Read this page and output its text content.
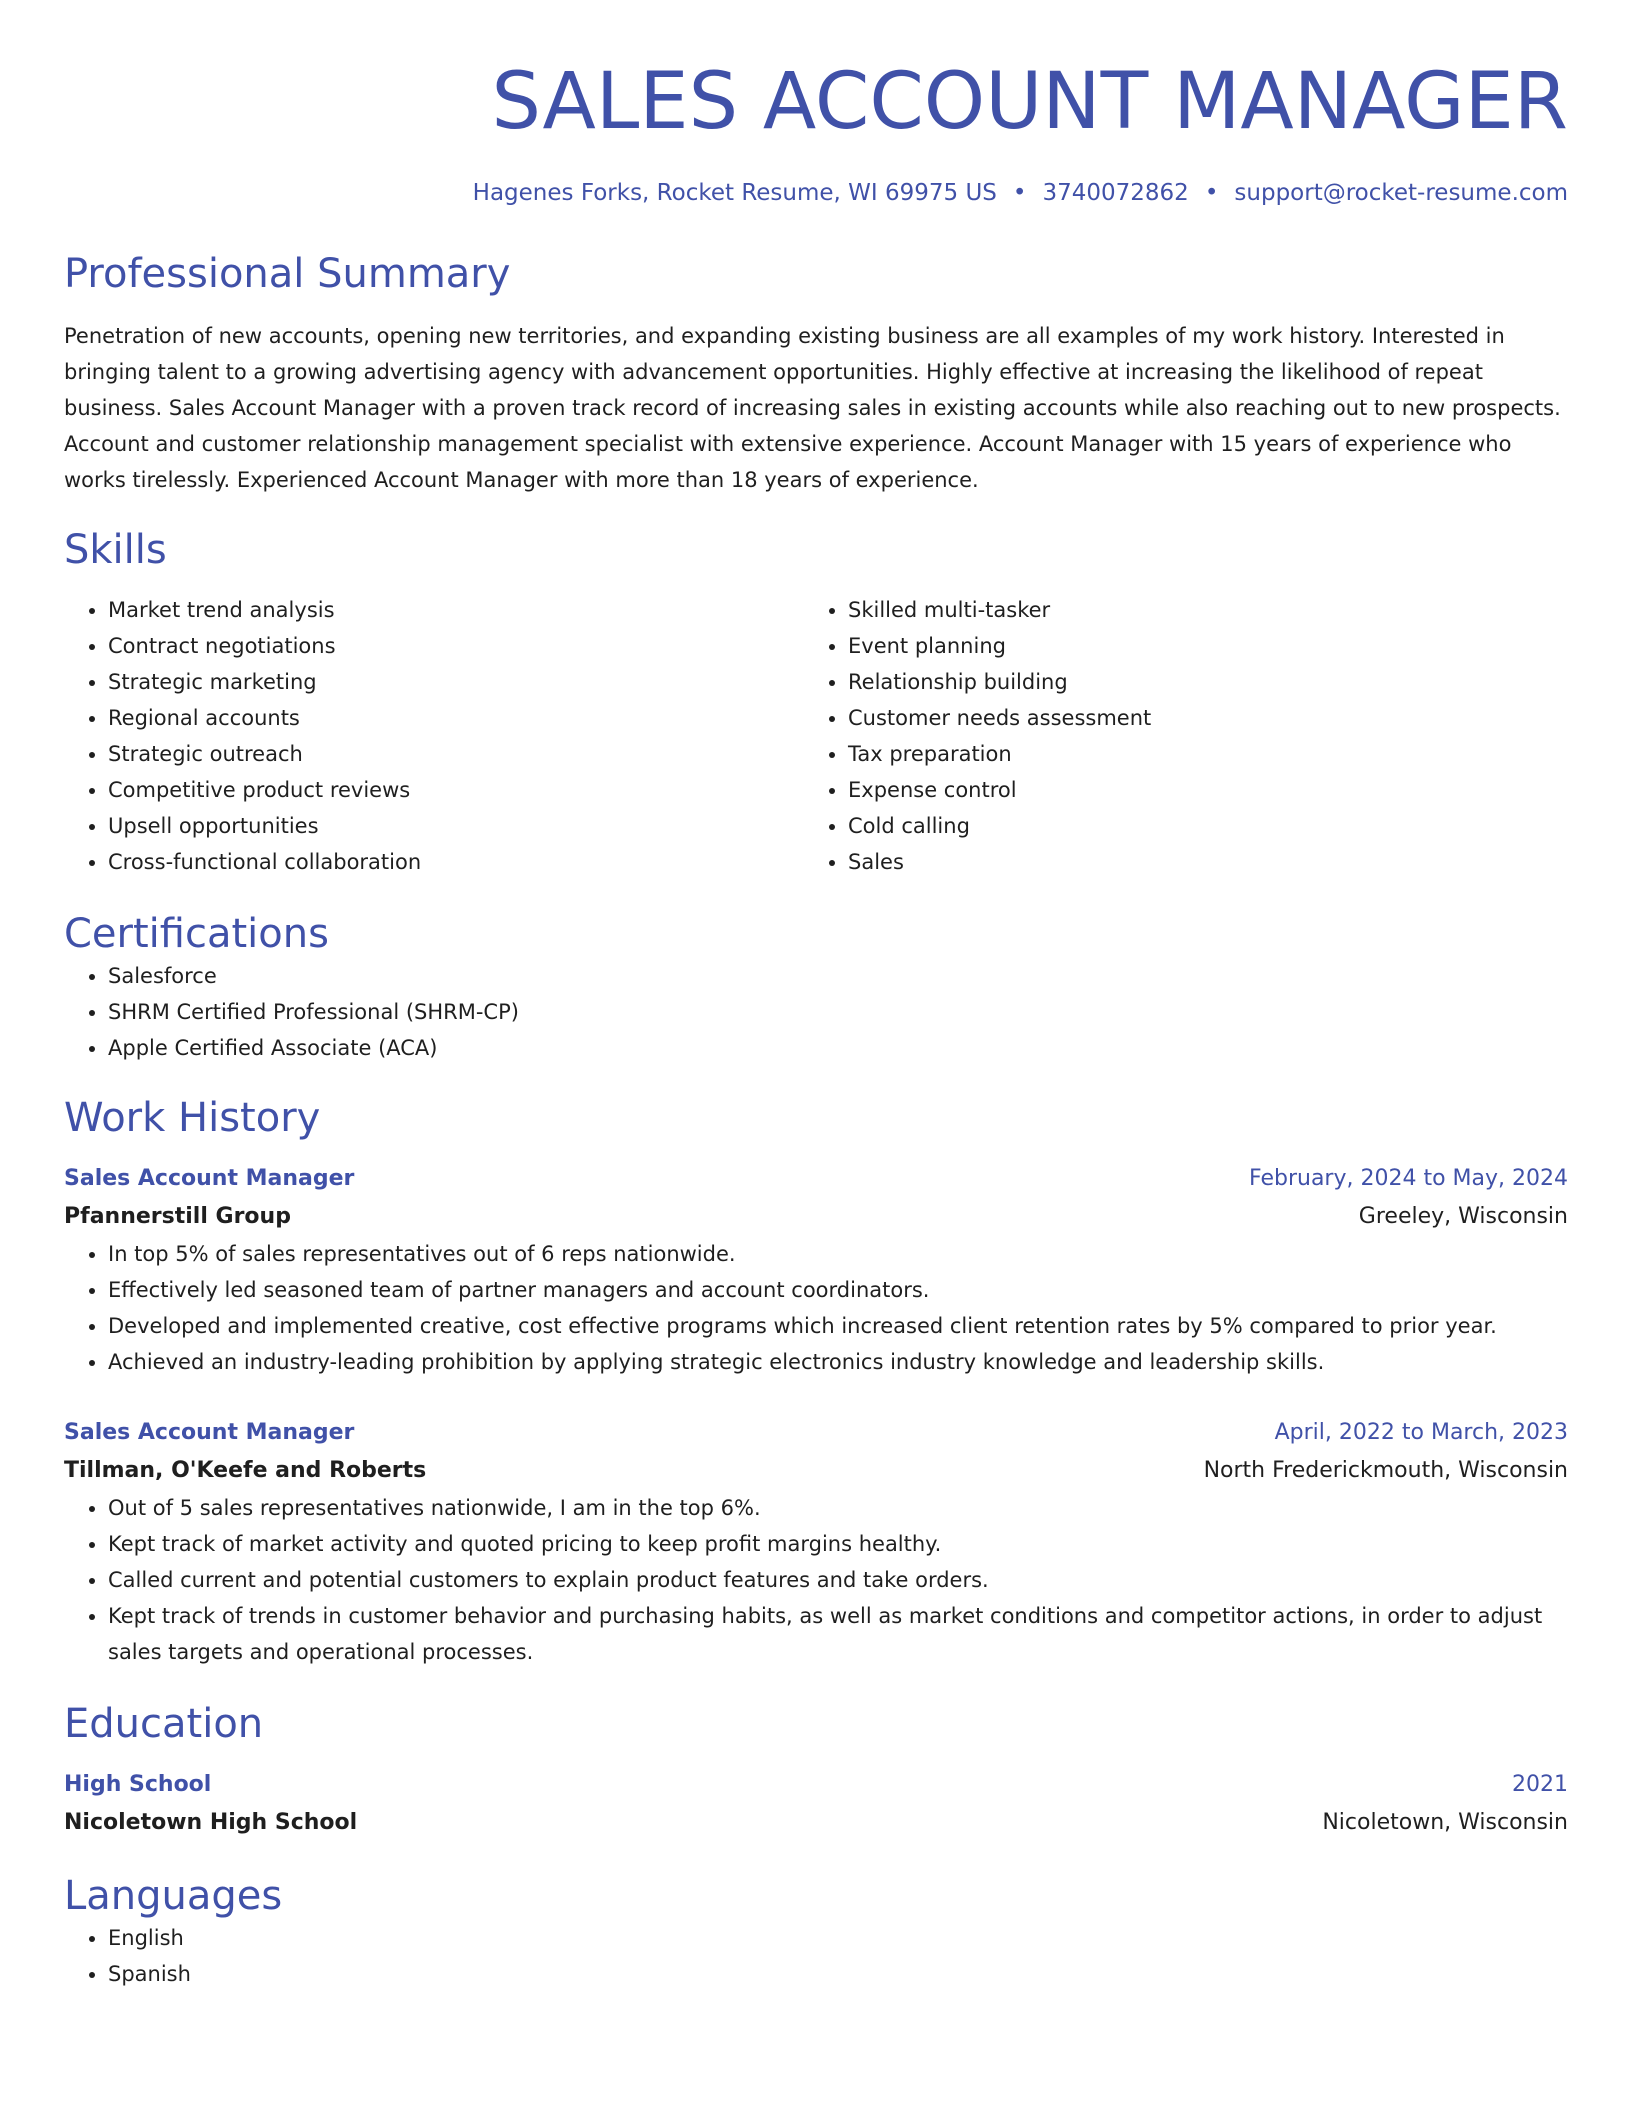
SALES ACCOUNT MANAGER
Hagenes Forks, Rocket Resume, WI 69975 US • 3740072862 • support@rocket-resume.com
Professional Summary

Penetration of new accounts, opening new territories, and expanding existing business are all examples of my work history. Interested in bringing talent to a growing advertising agency with advancement opportunities. Highly effective at increasing the likelihood of repeat business. Sales Account Manager with a proven track record of increasing sales in existing accounts while also reaching out to new prospects. Account and customer relationship management specialist with extensive experience. Account Manager with 15 years of experience who works tirelessly. Experienced Account Manager with more than 18 years of experience.

Skills
• Market trend analysis
• Contract negotiations
• Strategic marketing
• Regional accounts
• Strategic outreach
• Competitive product reviews
• Upsell opportunities
• Cross-functional collaboration
• Skilled multi-tasker
• Event planning
• Relationship building
• Customer needs assessment
• Tax preparation
• Expense control
• Cold calling
• Sales
Certifications
• Salesforce
• SHRM Certified Professional (SHRM-CP)
• Apple Certified Associate (ACA)
Work History
Sales Account Manager	February, 2024 to May, 2024
Pfannerstill Group	Greeley, Wisconsin
• In top 5% of sales representatives out of 6 reps nationwide.
• Effectively led seasoned team of partner managers and account coordinators.
• Developed and implemented creative, cost effective programs which increased client retention rates by 5% compared to prior year.
• Achieved an industry-leading prohibition by applying strategic electronics industry knowledge and leadership skills.
Sales Account Manager	April, 2022 to March, 2023
Tillman, O'Keefe and Roberts	North Frederickmouth, Wisconsin
• Out of 5 sales representatives nationwide, I am in the top 6%.
• Kept track of market activity and quoted pricing to keep profit margins healthy.
• Called current and potential customers to explain product features and take orders.
• Kept track of trends in customer behavior and purchasing habits, as well as market conditions and competitor actions, in order to adjust sales targets and operational processes.
Education
High School	2021
Nicoletown High School	Nicoletown, Wisconsin
Languages
• English
• Spanish
